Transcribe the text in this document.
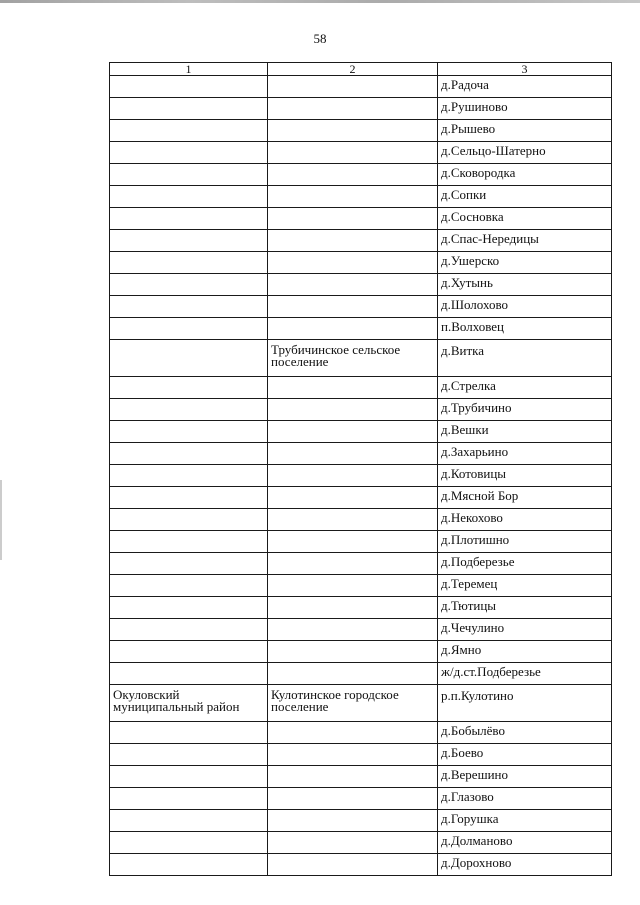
58
1	2	3
		д.Радоча
		д.Рушиново
		д.Рышево
		д.Сельцо-Шатерно
		д.Сковородка
		д.Сопки
		д.Сосновка
		д.Спас-Нередицы
		д.Ушерско
		д.Хутынь
		д.Шолохово
		п.Волховец
	Трубичинское сельское поселение	д.Витка
		д.Стрелка
		д.Трубичино
		д.Вешки
		д.Захарьино
		д.Котовицы
		д.Мясной Бор
		д.Некохово
		д.Плотишно
		д.Подберезье
		д.Теремец
		д.Тютицы
		д.Чечулино
		д.Ямно
		ж/д.ст.Подберезье
Окуловский муниципальный район	Кулотинское городское поселение	р.п.Кулотино
		д.Бобылёво
		д.Боево
		д.Верешино
		д.Глазово
		д.Горушка
		д.Долманово
		д.Дорохново
